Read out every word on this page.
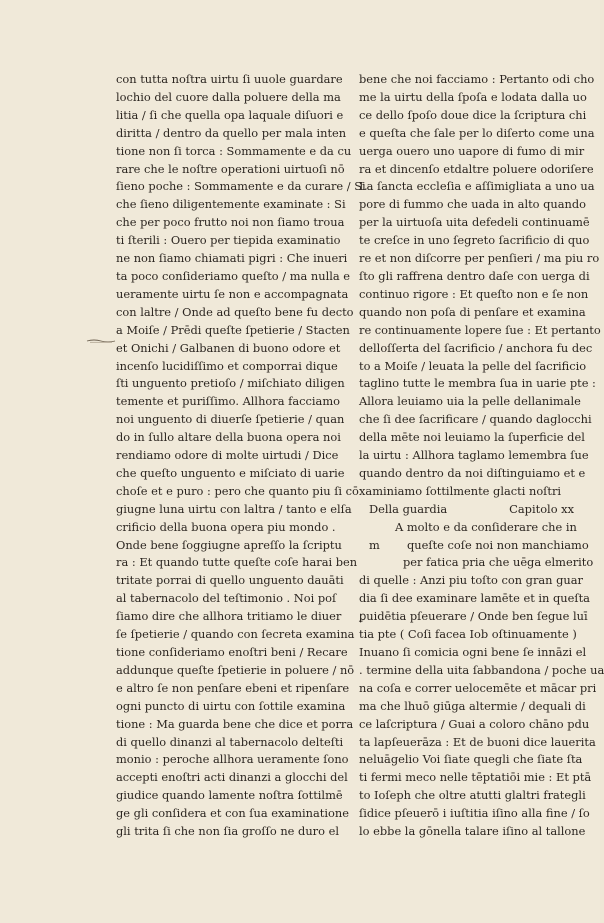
con tutta noſtra uirtu ſi uuole guardare
lochio del cuore dalla poluere della ma
litia / ſi che quella opa laquale diſuori e
diritta / dentro da quello per mala inten
tione non ſi torca : Sommamente e da cu
rare che le noſtre operationi uirtuoſi nō
ſieno poche : Sommamente e da curare / Si
che ſieno diligentemente examinate : Si
che per poco frutto noi non ſiamo troua
ti ſterili : Ouero per tiepida examinatio
ne non ſiamo chiamati pigri : Che inueri
ta poco conſideriamo queſto / ma nulla e
ueramente uirtu ſe non e accompagnata
con laltre / Onde ad queſto bene fu decto
a Moiſe / Prēdi queſte ſpetierie / Stacten
et Onichi / Galbanen di buono odore et
incenſo lucidiſſimo et comporrai dique
ſti unguento pretioſo / miſchiato diligen
temente et puriſſimo. Allhora facciamo
noi unguento di diuerſe ſpetierie / quan
do in ſullo altare della buona opera noi
rendiamo odore di molte uirtudi / Dice
che queſto unguento e miſciato di uarie
choſe et e puro : pero che quanto piu ſi cō
giugne luna uirtu con laltra / tanto e elſa
crificio della buona opera piu mondo .
Onde bene ſoggiugne apreſſo la ſcriptu
ra : Et quando tutte queſte coſe harai ben
tritate porrai di quello unguento dauāti
al tabernacolo del teſtimonio . Noi poſ
ſiamo dire che allhora tritiamo le diuer
ſe ſpetierie / quando con ſecreta examina
tione conſideriamo enoſtri beni / Recare
addunque queſte ſpetierie in poluere / nō
e altro ſe non penſare ebeni et ripenſare
ogni puncto di uirtu con ſottile examina
tione : Ma guarda bene che dice et porra
di quello dinanzi al tabernacolo delteſti
monio : peroche allhora ueramente ſono
accepti enoſtri acti dinanzi a glocchi del
giudice quando lamente noſtra ſottilmē
ge gli conſidera et con ſua examinatione
gli trita ſi che non ſia groſſo ne duro el
bene che noi facciamo : Pertanto odi cho
me la uirtu della ſpoſa e lodata dalla uo
ce dello ſpoſo doue dice la ſcriptura chi
e queſta che ſale per lo diſerto come una
uerga ouero uno uapore di fumo di mir
ra et dincenſo etdaltre poluere odoriſere
La ſancta eccleſia e aſſimigliata a uno ua
pore di fummo che uada in alto quando
per la uirtuoſa uita defedeli continuamē
te creſce in uno ſegreto ſacrificio di quo
re et non diſcorre per penſieri / ma piu ro
ſto gli raffrena dentro daſe con uerga di
continuo rigore : Et queſto non e ſe non
quando non poſa di penſare et examina
re continuamente lopere ſue : Et pertanto
delloſſerta del ſacrificio / anchora fu dec
to a Moiſe / leuata la pelle del ſacrificio
taglino tutte le membra ſua in uarie pte :
Allora leuiamo uia la pelle dellanimale
che ſi dee ſacrificare / quando daglocchi
della mēte noi leuiamo la ſuperficie del
la uirtu : Allhora taglamo lemembra ſue
quando dentro da noi diſtinguiamo et e
xaminiamo ſottilmente glacti noſtri
Della guardia	Capitolo xx
A molto e da conſiderare che in
m queſte coſe noi non manchiamo
per fatica pria che uēga elmerito
di quelle : Anzi piu toſto con gran guar
dia ſi dee examinare lamēte et in queſta
ꝑuidētia pſeuerare / Onde ben ſegue luī
tia pte ( Coſi facea Iob oſtinuamente )
Inuano ſi comicia ogni bene ſe innāzi el
. termine della uita ſabbandona / poche ua
na coſa e correr uelocemēte et mācar pri
ma che lhuō giūga altermie / dequali di
ce laſcriptura / Guai a coloro chāno pdu
ta lapſeuerāza : Et de buoni dice lauerita
neluāgelio Voi ſiate quegli che ſiate ſta
ti fermi meco nelle tēptatiōi mie : Et ptā
to Ioſeph che oltre atutti glaltri frategli
ſidice pſeuerō i iuſtitia iſino alla fine / ſo
lo ebbe la gōnella talare iſino al tallone
